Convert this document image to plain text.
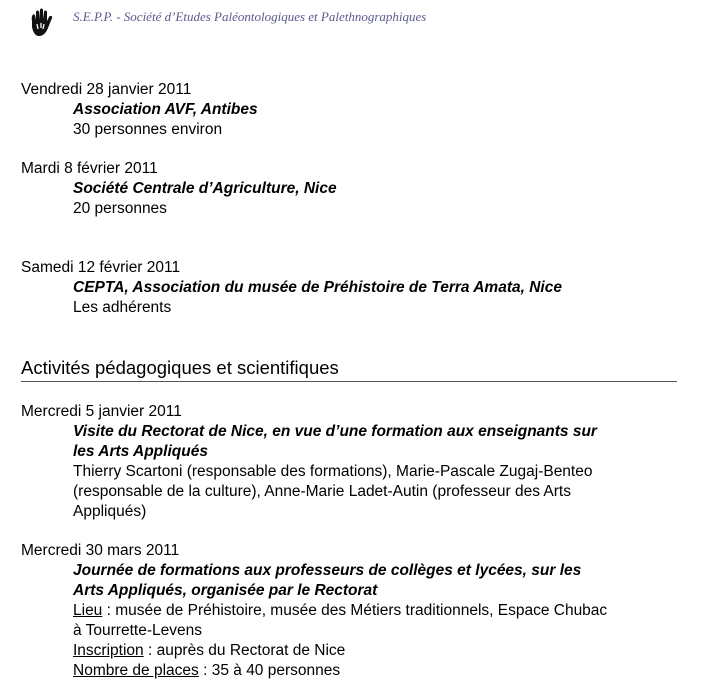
S.E.P.P. - Société d’Etudes Paléontologiques et Palethnographiques
Vendredi 28 janvier 2011
Association AVF, Antibes
30 personnes environ
Mardi 8 février 2011
Société Centrale d’Agriculture, Nice
20 personnes
Samedi 12 février 2011
CEPTA, Association du musée de Préhistoire de Terra Amata, Nice
Les adhérents
Activités pédagogiques et scientifiques
Mercredi 5 janvier 2011
Visite du Rectorat de Nice, en vue d’une formation aux enseignants sur
les Arts Appliqués
Thierry Scartoni (responsable des formations), Marie-Pascale Zugaj-Benteo
(responsable de la culture), Anne-Marie Ladet-Autin (professeur des Arts
Appliqués)
Mercredi 30 mars 2011
Journée de formations aux professeurs de collèges et lycées, sur les
Arts Appliqués, organisée par le Rectorat
Lieu : musée de Préhistoire, musée des Métiers traditionnels, Espace Chubac
à Tourrette-Levens
Inscription : auprès du Rectorat de Nice
Nombre de places : 35 à 40 personnes
